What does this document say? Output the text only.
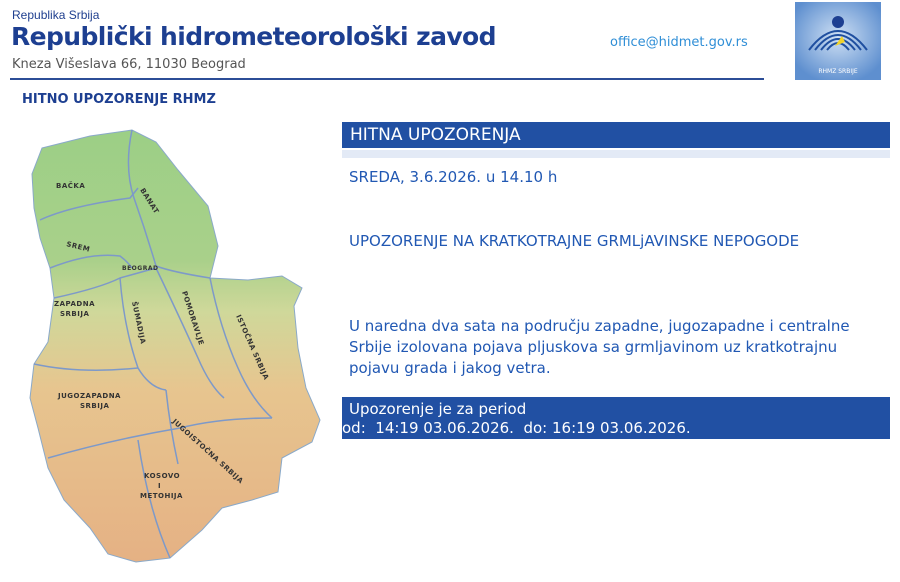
Republika Srbija
Republički hidrometeorološki zavod
Kneza Višeslava 66, 11030 Beograd
office@hidmet.gov.rs
RHMZ SRBIJE
HITNO UPOZORENJE RHMZ
BAČKA
BANAT
SREM
BEOGRAD
ZAPADNA
SRBIJA	ŠUMADIJA	POMORAVLJE	ISTOČNA SRBIJA
JUGOZAPADNA
SRBIJA
JUGOISTOČNA SRBIJA
KOSOVO
I
METOHIJA
HITNA UPOZORENJA
SREDA, 3.6.2026. u 14.10 h
UPOZORENJE NA KRATKOTRAJNE GRMLjAVINSKE NEPOGODE
U naredna dva sata na području zapadne, jugozapadne i centralne Srbije izolovana pojava pljuskova sa grmljavinom uz kratkotrajnu pojavu grada i jakog vetra.
Upozorenje je za period
od:  14:19 03.06.2026.  do: 16:19 03.06.2026.
